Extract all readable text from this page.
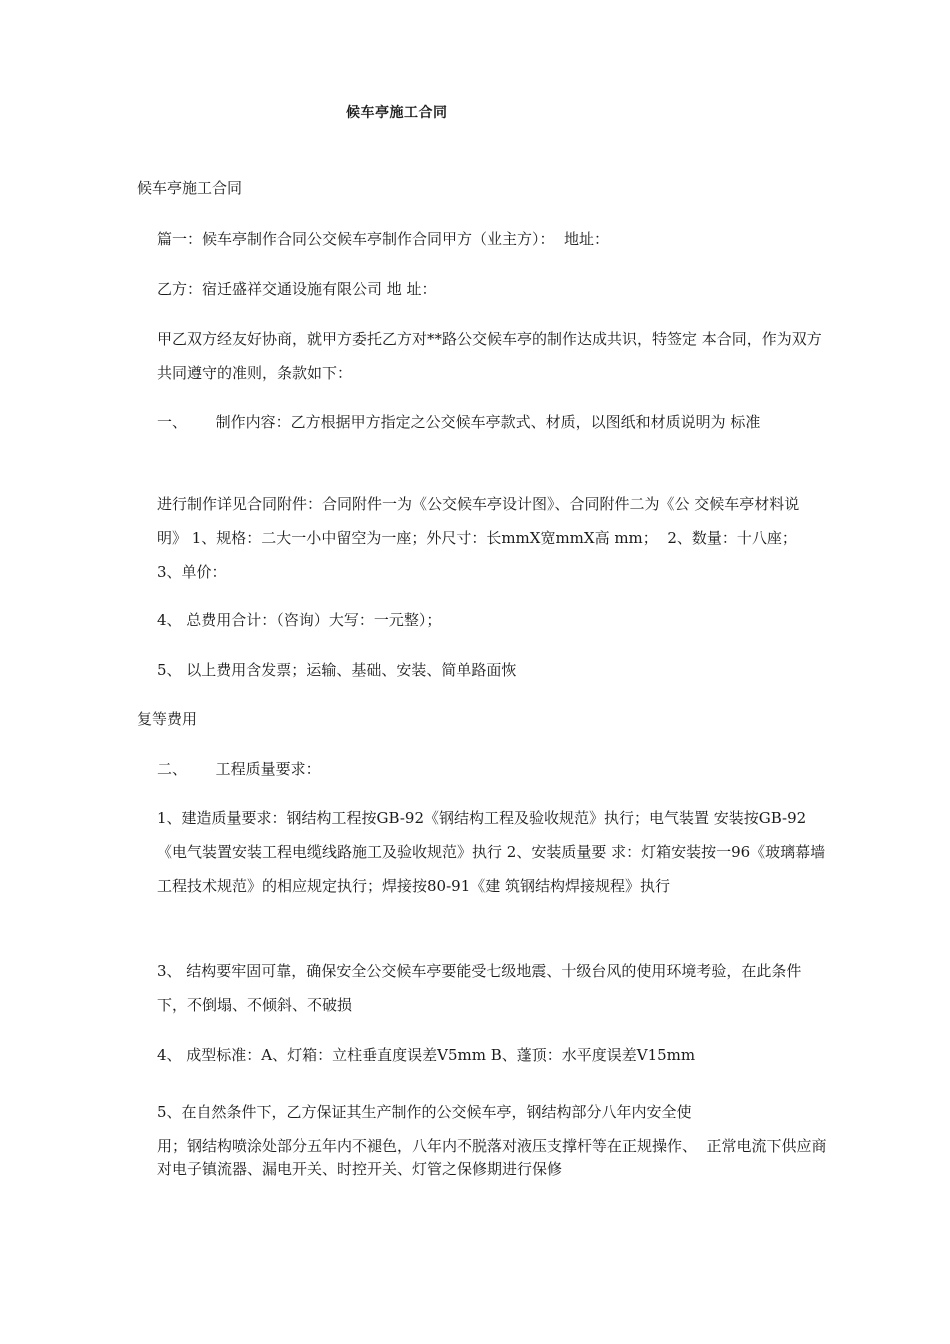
候车亭施工合同

候车亭施工合同

篇一：候车亭制作合同公交候车亭制作合同甲方（业主方）：  地址：

乙方：宿迁盛祥交通设施有限公司 地 址：

甲乙双方经友好协商，就甲方委托乙方对**路公交候车亭的制作达成共识，特签定 本合同，作为双方共同遵守的准则，条款如下：

一、      制作内容：乙方根据甲方指定之公交候车亭款式、材质，以图纸和材质说明为 标准

进行制作详见合同附件：合同附件一为《公交候车亭设计图》、合同附件二为《公 交候车亭材料说明》 1、规格：二大一小中留空为一座；外尺寸：长mmX宽mmX高 mm；  2、数量：十八座；  3、单价：

4、 总费用合计：（咨询）大写：一元整）；

5、 以上费用含发票；运输、基础、安装、简单路面恢

复等费用

二、      工程质量要求：

1、建造质量要求：钢结构工程按GB-92《钢结构工程及验收规范》执行；电气装置 安装按GB-92《电气装置安装工程电缆线路施工及验收规范》执行 2、安装质量要 求：灯箱安装按一96《玻璃幕墙工程技术规范》的相应规定执行；焊接按80-91《建 筑钢结构焊接规程》执行

3、 结构要牢固可靠，确保安全公交候车亭要能受七级地震、十级台风的使用环境考验，在此条件下，不倒塌、不倾斜、不破损

4、 成型标准：A、灯箱：立柱垂直度误差V5mm B、蓬顶：水平度误差V15mm

5、在自然条件下，乙方保证其生产制作的公交候车亭，钢结构部分八年内安全使

用；钢结构喷涂处部分五年内不褪色，八年内不脱落对液压支撑杆等在正规操作、  正常电流下供应商对电子镇流器、漏电开关、时控开关、灯管之保修期进行保修
